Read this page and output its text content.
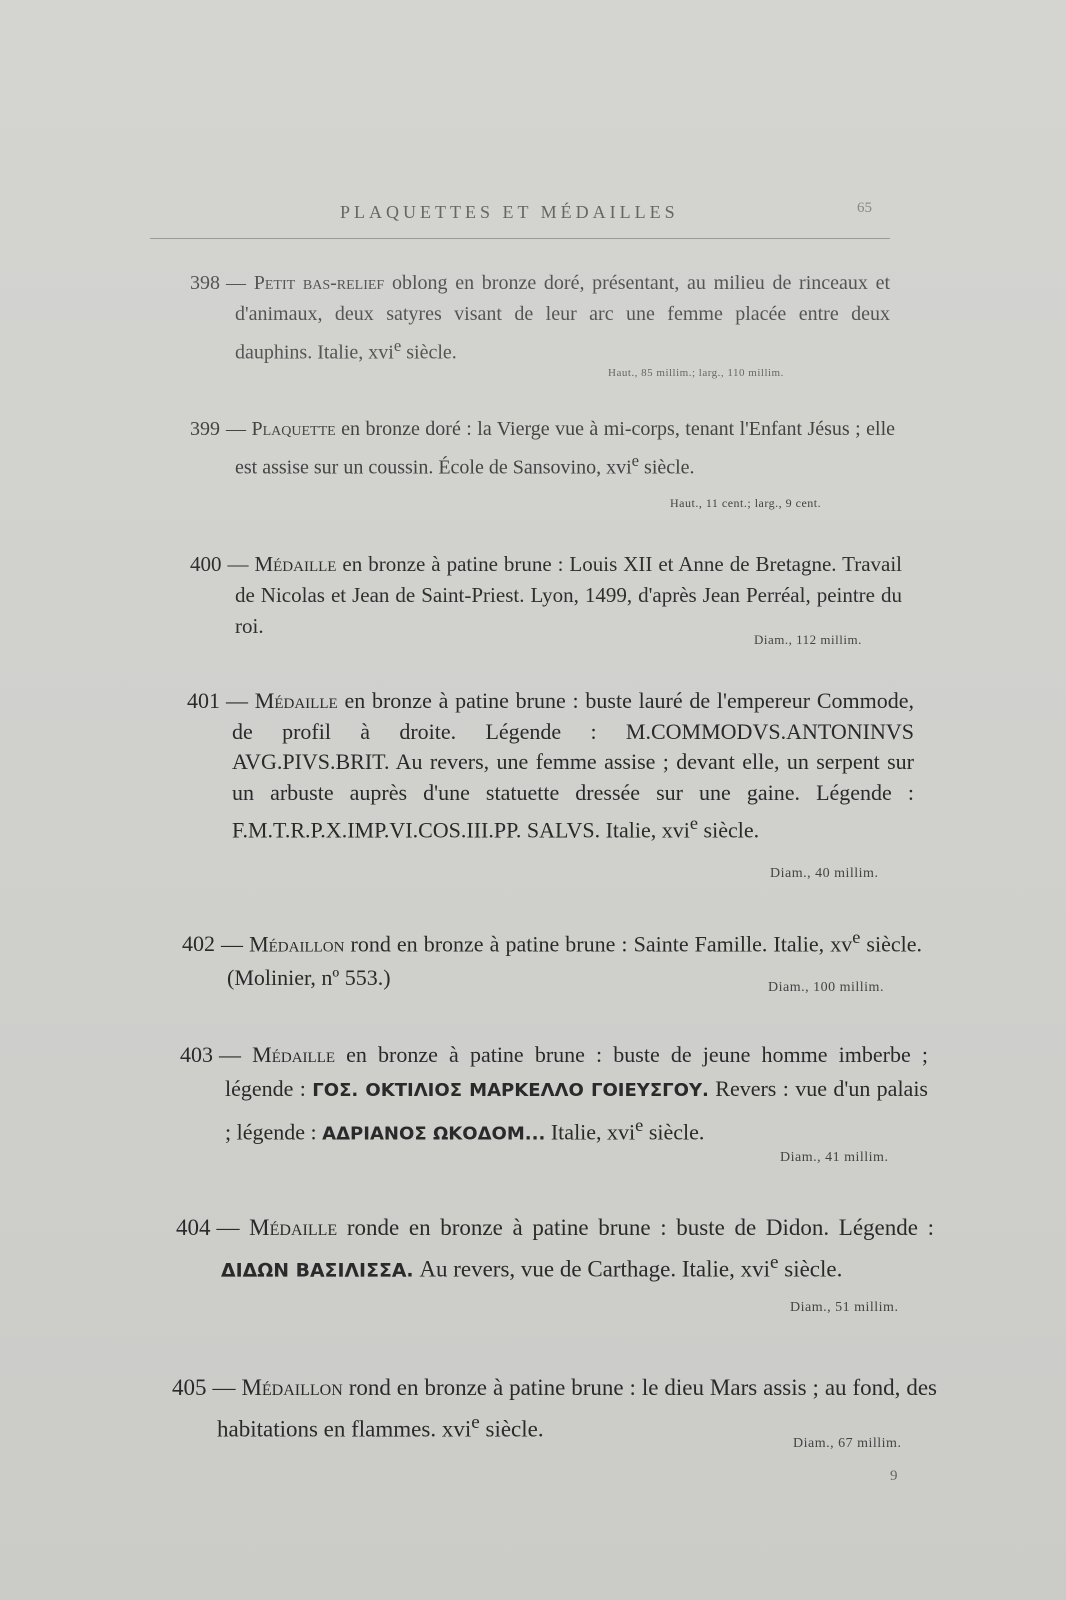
PLAQUETTES ET MÉDAILLES	65

398 — Petit bas-relief oblong en bronze doré, présentant, au milieu de rinceaux et d'animaux, deux satyres visant de leur arc une femme placée entre deux dauphins. Italie, xvi$^e$ siècle.

Haut., 85 millim.; larg., 110 millim.

399 — Plaquette en bronze doré : la Vierge vue à mi-corps, tenant l'Enfant Jésus ; elle est assise sur un coussin. École de Sansovino, xvi$^e$ siècle.

Haut., 11 cent.; larg., 9 cent.

400 — Médaille en bronze à patine brune : Louis XII et Anne de Bretagne. Travail de Nicolas et Jean de Saint-Priest. Lyon, 1499, d'après Jean Perréal, peintre du roi.

Diam., 112 millim.

401 — Médaille en bronze à patine brune : buste lauré de l'empereur Commode, de profil à droite. Légende : M.COMMODVS.ANTONINVS AVG.PIVS.BRIT. Au revers, une femme assise ; devant elle, un serpent sur un arbuste auprès d'une statuette dressée sur une gaine. Légende : F.M.T.R.P.X.IMP.VI.COS.III.PP. SALVS. Italie, xvi$^e$ siècle.

Diam., 40 millim.

402 — Médaillon rond en bronze à patine brune : Sainte Famille. Italie, $xv^e$ siècle. (Molinier, nº 553.)	Diam., 100 millim.

403 — Médaille en bronze à patine brune : buste de jeune homme imberbe ; légende : ΓΟΣ. ΟΚΤΙΛΙΟΣ ΜΑΡΚΕΛΛΟ ΓΟΙΕΥΣΓΟΥ. Revers : vue d'un palais ; légende : ΑΔΡΙΑΝΟΣ ΩΚΟΔΟΜ... Italie, xvi$^e$ siècle.

Diam., 41 millim.

404 — Médaille ronde en bronze à patine brune : buste de Didon. Légende : ΔΙΔΩΝ ΒΑΣΙΛΙΣΣΑ. Au revers, vue de Carthage. Italie, xvi$^e$ siècle.

Diam., 51 millim.

405 — Médaillon rond en bronze à patine brune : le dieu Mars assis ; au fond, des habitations en flammes. xvi$^e$ siècle.

Diam., 67 millim.
9
